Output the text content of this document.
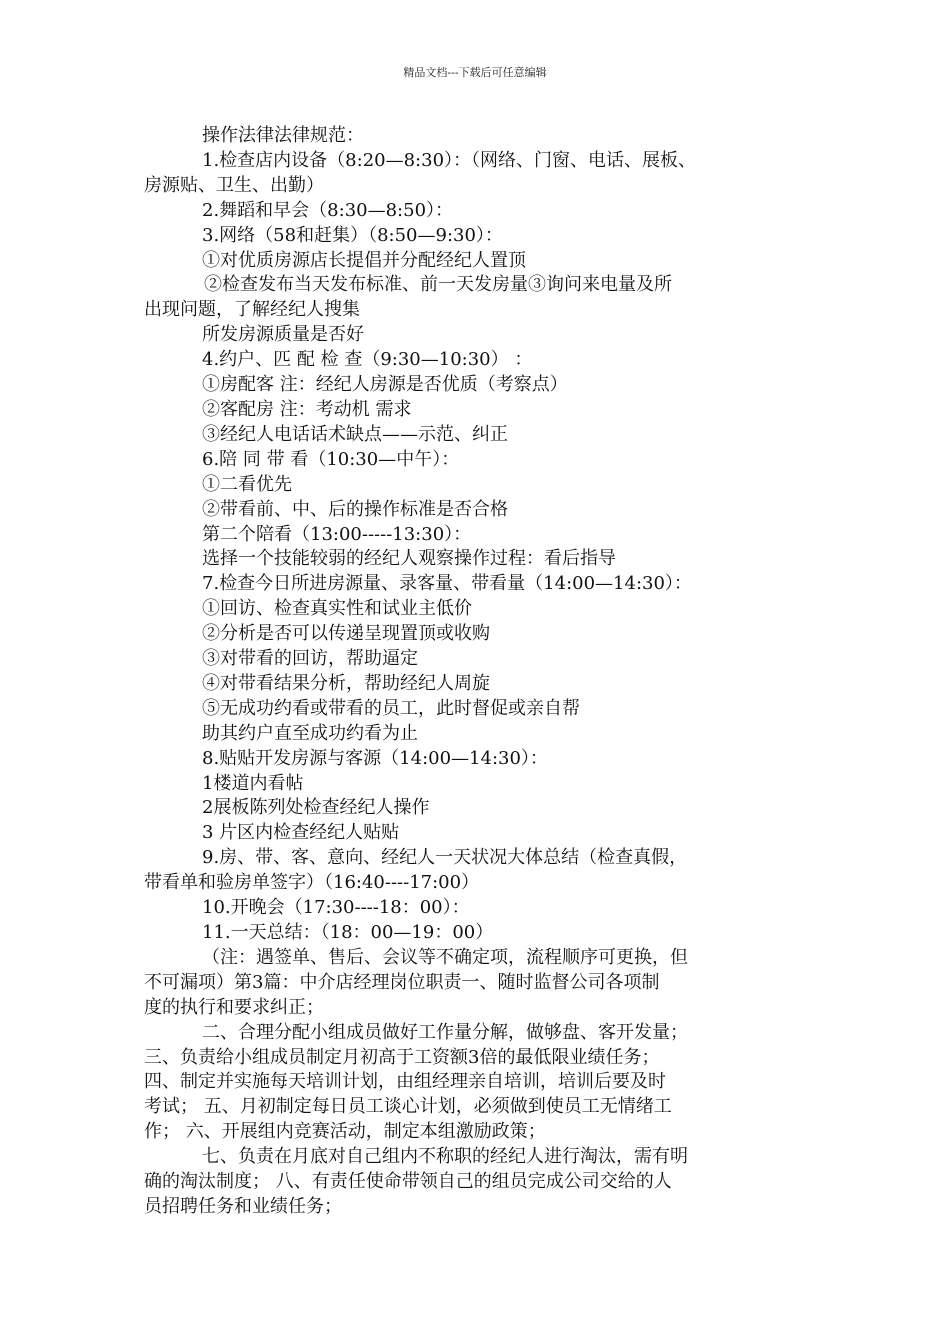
精品文档---下载后可任意编辑

操作法律法律规范：

1.检查店内设备（8:20—8:30）：（网络、门窗、电话、展板、

房源贴、卫生、出勤）

2.舞蹈和早会（8:30—8:50）：

3.网络（58和赶集）（8:50—9:30）：

①对优质房源店长提倡并分配经纪人置顶

②检查发布当天发布标准、前一天发房量③询问来电量及所

出现问题，了解经纪人搜集

所发房源质量是否好

4.约户、匹 配 检 查（9:30—10:30） ：

①房配客 注：经纪人房源是否优质（考察点）

②客配房 注：考动机 需求

③经纪人电话话术缺点——示范、纠正

6.陪 同 带 看（10:30—中午）：

①二看优先

②带看前、中、后的操作标准是否合格

第二个陪看（13:00-----13:30）：

选择一个技能较弱的经纪人观察操作过程：看后指导

7.检查今日所进房源量、录客量、带看量（14:00—14:30）：

①回访、检查真实性和试业主低价

②分析是否可以传递呈现置顶或收购

③对带看的回访，帮助逼定

④对带看结果分析，帮助经纪人周旋

⑤无成功约看或带看的员工，此时督促或亲自帮

助其约户直至成功约看为止

8.贴贴开发房源与客源（14:00—14:30）：

1楼道内看帖

2展板陈列处检查经纪人操作

3 片区内检查经纪人贴贴

9.房、带、客、意向、经纪人一天状况大体总结（检查真假，

带看单和验房单签字）（16:40----17:00）

10.开晚会（17:30----18：00）：

11.一天总结：（18：00—19：00）

（注：遇签单、售后、会议等不确定项，流程顺序可更换，但

不可漏项）第3篇：中介店经理岗位职责一、随时监督公司各项制

度的执行和要求纠正；

二、合理分配小组成员做好工作量分解，做够盘、客开发量；

三、负责给小组成员制定月初高于工资额3倍的最低限业绩任务；

四、制定并实施每天培训计划，由组经理亲自培训，培训后要及时

考试； 五、月初制定每日员工谈心计划，必须做到使员工无情绪工

作； 六、开展组内竞赛活动，制定本组激励政策；

七、负责在月底对自己组内不称职的经纪人进行淘汰，需有明

确的淘汰制度； 八、有责任使命带领自己的组员完成公司交给的人

员招聘任务和业绩任务；
